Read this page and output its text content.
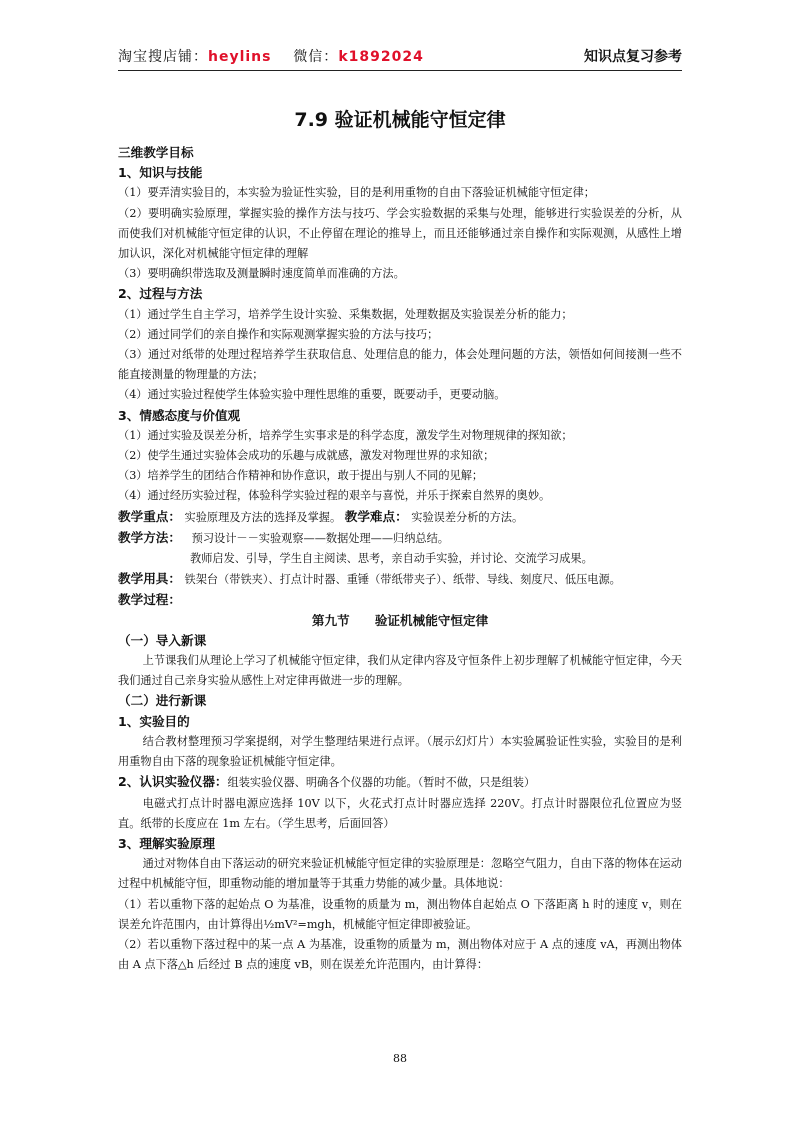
淘宝搜店铺：heylins 微信：k1892024	知识点复习参考
7.9 验证机械能守恒定律

三维教学目标

1、知识与技能

（1）要弄清实验目的，本实验为验证性实验，目的是利用重物的自由下落验证机械能守恒定律；

（2）要明确实验原理，掌握实验的操作方法与技巧、学会实验数据的采集与处理，能够进行实验误差的分析，从而使我们对机械能守恒定律的认识，不止停留在理论的推导上，而且还能够通过亲自操作和实际观测，从感性上增加认识，深化对机械能守恒定律的理解

（3）要明确织带选取及测量瞬时速度简单而准确的方法。

2、过程与方法

（1）通过学生自主学习，培养学生设计实验、采集数据，处理数据及实验误差分析的能力；

（2）通过同学们的亲自操作和实际观测掌握实验的方法与技巧；

（3）通过对纸带的处理过程培养学生获取信息、处理信息的能力，体会处理问题的方法，领悟如何间接测一些不能直接测量的物理量的方法；

（4）通过实验过程使学生体验实验中理性思维的重要，既要动手，更要动脑。

3、情感态度与价值观

（1）通过实验及误差分析，培养学生实事求是的科学态度，激发学生对物理规律的探知欲；

（2）使学生通过实验体会成功的乐趣与成就感，激发对物理世界的求知欲；

（3）培养学生的团结合作精神和协作意识，敢于提出与别人不同的见解；

（4）通过经历实验过程，体验科学实验过程的艰辛与喜悦，并乐于探索自然界的奥妙。

教学重点： 实验原理及方法的选择及掌握。 教学难点： 实验误差分析的方法。

教学方法： 预习设计－－实验观察——数据处理——归纳总结。

教师启发、引导，学生自主阅读、思考，亲自动手实验，并讨论、交流学习成果。

教学用具： 铁架台（带铁夹）、打点计时器、重锤（带纸带夹子）、纸带、导线、刻度尺、低压电源。

教学过程：

第九节　　验证机械能守恒定律

（一）导入新课

上节课我们从理论上学习了机械能守恒定律，我们从定律内容及守恒条件上初步理解了机械能守恒定律，今天我们通过自己亲身实验从感性上对定律再做进一步的理解。

（二）进行新课

1、实验目的

结合教材整理预习学案提纲，对学生整理结果进行点评。（展示幻灯片）本实验属验证性实验，实验目的是利用重物自由下落的现象验证机械能守恒定律。

2、认识实验仪器：组装实验仪器、明确各个仪器的功能。（暂时不做，只是组装）

电磁式打点计时器电源应选择 10V 以下，火花式打点计时器应选择 220V。打点计时器限位孔位置应为竖直。纸带的长度应在 1m 左右。（学生思考，后面回答）

3、理解实验原理

通过对物体自由下落运动的研究来验证机械能守恒定律的实验原理是：忽略空气阻力，自由下落的物体在运动过程中机械能守恒，即重物动能的增加量等于其重力势能的减少量。具体地说：

（1）若以重物下落的起始点 O 为基准，设重物的质量为 m，测出物体自起始点 O 下落距离 h 时的速度 v，则在误差允许范围内，由计算得出½mV²=mgh，机械能守恒定律即被验证。

（2）若以重物下落过程中的某一点 A 为基准，设重物的质量为 m，测出物体对应于 A 点的速度 vA，再测出物体由 A 点下落△h 后经过 B 点的速度 vB，则在误差允许范围内，由计算得：

88
